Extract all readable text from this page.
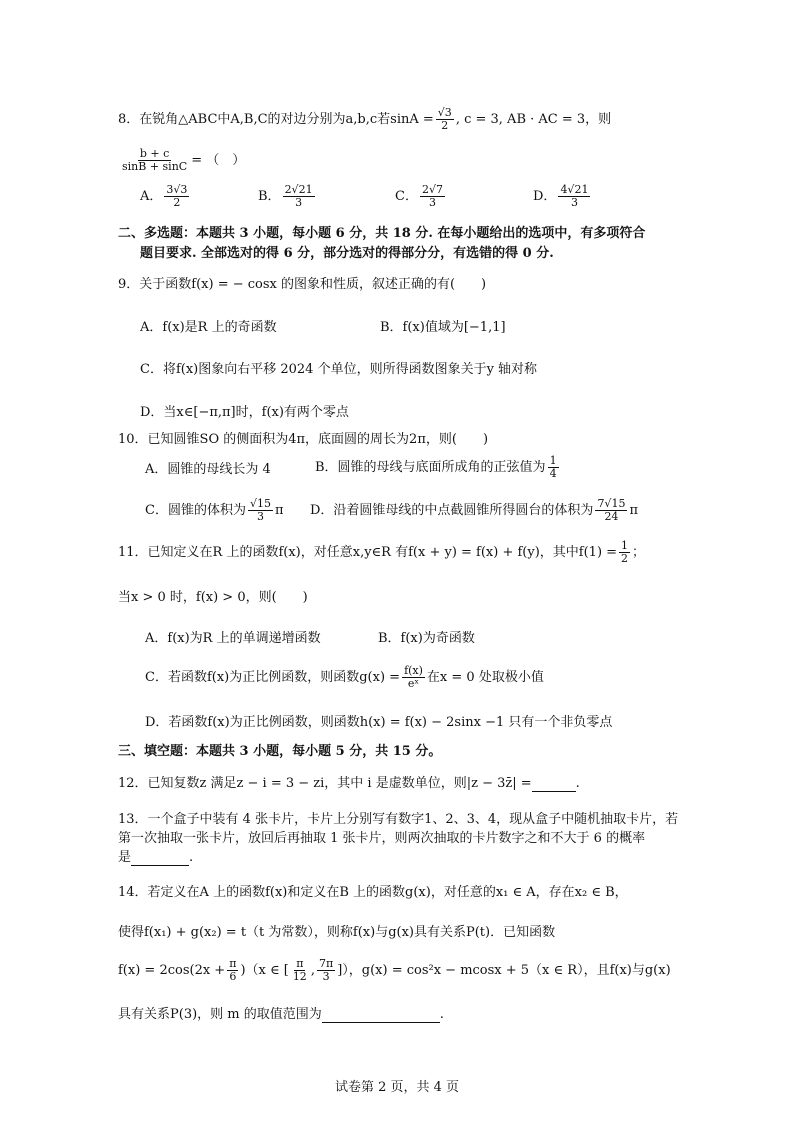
8．在锐角△ABC中A,B,C的对边分别为a,b,c若$\sin A = \frac{√3}{2}$ , c = 3, AB · AC = 3，则
$\frac{b + c}{\sin B + \sin C}$ = （　）
A． $\frac{3√3}{2}$	B． $\frac{2√21}{3}$	C． $\frac{2√7}{3}$	D． $\frac{4√21}{3}$
二、多选题：本题共 3 小题，每小题 6 分，共 18 分. 在每小题给出的选项中，有多项符合
题目要求. 全部选对的得 6 分，部分选对的得部分分，有选错的得 0 分.
9．关于函数f(x) = − cosx 的图象和性质，叙述正确的有(　　)
A．f(x)是R 上的奇函数	B．f(x)值域为[−1,1]
C．将f(x)图象向右平移 2024 个单位，则所得函数图象关于y 轴对称
D．当x∈[−π,π]时，f(x)有两个零点
10．已知圆锥SO 的侧面积为4π，底面圆的周长为2π，则(　　)
A．圆锥的母线长为 4	B．圆锥的母线与底面所成角的正弦值为 $\frac{1}{4}$
C．圆锥的体积为 $\frac{√15}{3}$ π D．沿着圆锥母线的中点截圆锥所得圆台的体积为 $\frac{7√15}{24}$ π
11．已知定义在R 上的函数f(x)，对任意x,y∈R 有f(x + y) = f(x) + f(y)，其中$f(1) = \frac{1}{2}$ ；
当x > 0 时，f(x) > 0，则(　　)
A．f(x)为R 上的单调递增函数	B．f(x)为奇函数
C．若函数f(x)为正比例函数，则函数$g(x) = \frac{f(x)}{\text{eˣ}}$ 在x = 0 处取极小值
D．若函数f(x)为正比例函数，则函数h(x) = f(x) − 2sinx −1 只有一个非负零点
三、填空题：本题共 3 小题，每小题 5 分，共 15 分。
12．已知复数z 满足z − i = 3 − zi，其中 i 是虚数单位，则|z − 3z̄| =	.
13．一个盒子中装有 4 张卡片，卡片上分别写有数字1、2、3、4，现从盒子中随机抽取卡片，若
第一次抽取一张卡片，放回后再抽取 1 张卡片，则两次抽取的卡片数字之和不大于 6 的概率
是	.
14．若定义在A 上的函数f(x)和定义在B 上的函数g(x)，对任意的x₁ ∈ A，存在x₂ ∈ B，
使得f(x₁) + g(x₂) = t（t 为常数），则称f(x)与g(x)具有关系P(t)．已知函数
$f(x) = 2\cos(2x + \frac{\pi}{6} )(x$ ∈ [ $\frac{\pi}{12}$ , $\frac{7\pi}{3}$ ]），g(x) = cos²x − mcosx + 5（x ∈ R），且f(x)与g(x)
具有关系P(3)，则 m 的取值范围为	.
试卷第 2 页，共 4 页
